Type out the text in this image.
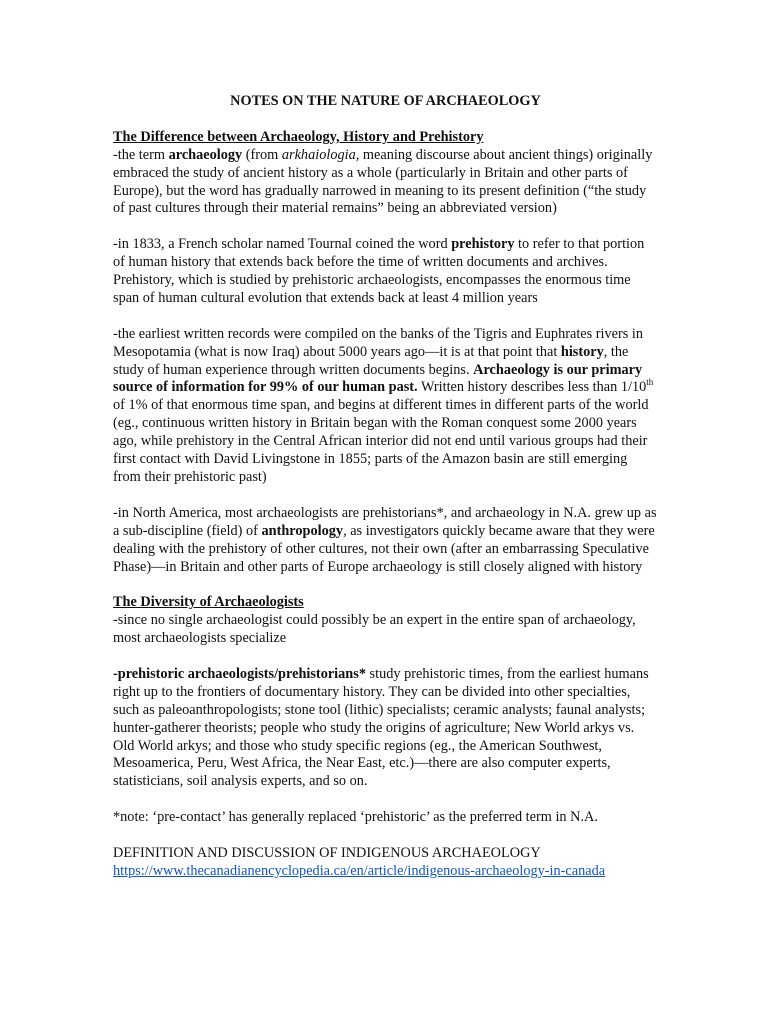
NOTES ON THE NATURE OF ARCHAEOLOGY
The Difference between Archaeology, History and Prehistory

-the term archaeology (from arkhaiologia, meaning discourse about ancient things) originally embraced the study of ancient history as a whole (particularly in Britain and other parts of Europe), but the word has gradually narrowed in meaning to its present definition (“the study of past cultures through their material remains” being an abbreviated version)

-in 1833, a French scholar named Tournal coined the word prehistory to refer to that portion of human history that extends back before the time of written documents and archives. Prehistory, which is studied by prehistoric archaeologists, encompasses the enormous time span of human cultural evolution that extends back at least 4 million years

-the earliest written records were compiled on the banks of the Tigris and Euphrates rivers in Mesopotamia (what is now Iraq) about 5000 years ago—it is at that point that history, the study of human experience through written documents begins. Archaeology is our primary source of information for 99% of our human past. Written history describes less than 1/10th of 1% of that enormous time span, and begins at different times in different parts of the world (eg., continuous written history in Britain began with the Roman conquest some 2000 years ago, while prehistory in the Central African interior did not end until various groups had their first contact with David Livingstone in 1855; parts of the Amazon basin are still emerging from their prehistoric past)

-in North America, most archaeologists are prehistorians*, and archaeology in N.A. grew up as a sub-discipline (field) of anthropology, as investigators quickly became aware that they were dealing with the prehistory of other cultures, not their own (after an embarrassing Speculative Phase)—in Britain and other parts of Europe archaeology is still closely aligned with history

The Diversity of Archaeologists

-since no single archaeologist could possibly be an expert in the entire span of archaeology, most archaeologists specialize

-prehistoric archaeologists/prehistorians* study prehistoric times, from the earliest humans right up to the frontiers of documentary history. They can be divided into other specialties, such as paleoanthropologists; stone tool (lithic) specialists; ceramic analysts; faunal analysts; hunter-gatherer theorists; people who study the origins of agriculture; New World arkys vs. Old World arkys; and those who study specific regions (eg., the American Southwest, Mesoamerica, Peru, West Africa, the Near East, etc.)—there are also computer experts, statisticians, soil analysis experts, and so on.

*note: ‘pre-contact’ has generally replaced ‘prehistoric’ as the preferred term in N.A.

DEFINITION AND DISCUSSION OF INDIGENOUS ARCHAEOLOGY

https://www.thecanadianencyclopedia.ca/en/article/indigenous-archaeology-in-canada
